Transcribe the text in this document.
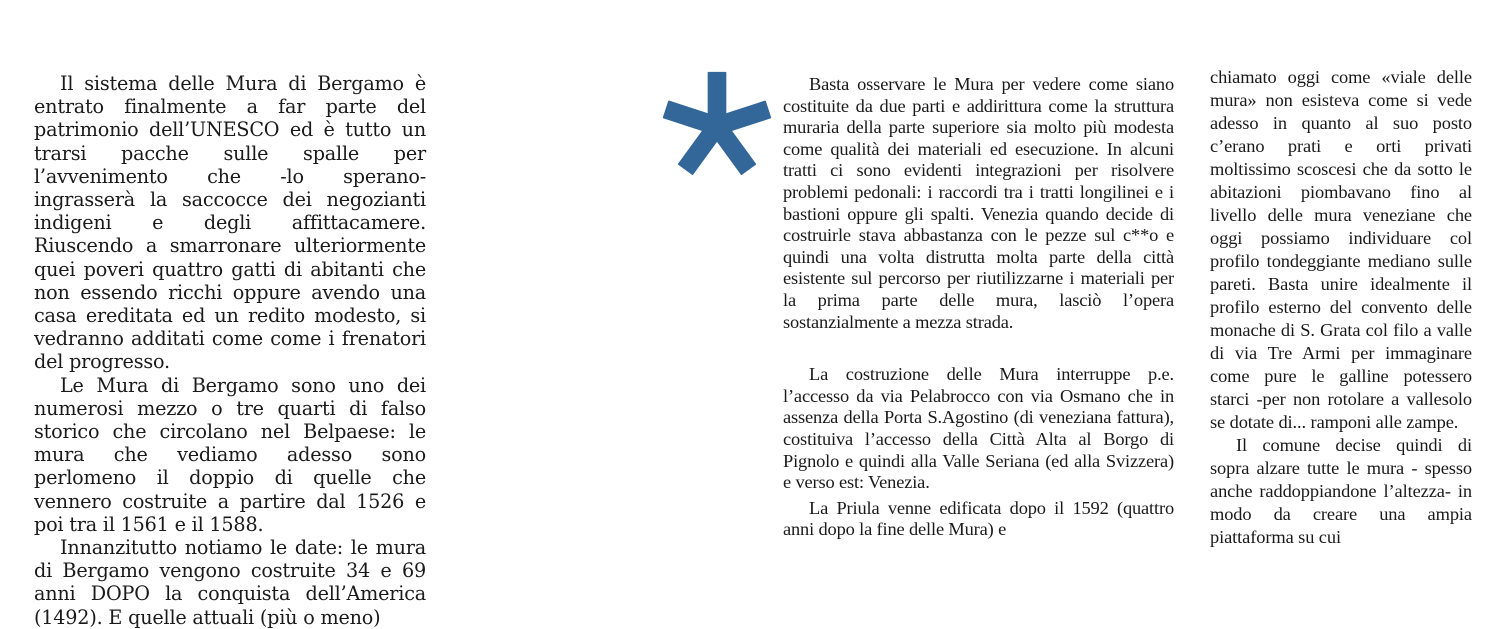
Il sistema delle Mura di Bergamo è entrato finalmente a far parte del patrimonio dell’UNESCO ed è tutto un trarsi pacche sulle spalle per l’avvenimento che -lo sperano- ingrasserà la saccocce dei negozianti indigeni e degli affittacamere. Riuscendo a smarronare ulteriormente quei poveri quattro gatti di abitanti che non essendo ricchi oppure avendo una casa ereditata ed un redito modesto, si vedranno additati come come i frenatori del progresso.

Le Mura di Bergamo sono uno dei numerosi mezzo o tre quarti di falso storico che circolano nel Belpaese: le mura che vediamo adesso sono perlomeno il doppio di quelle che vennero costruite a partire dal 1526 e poi tra il 1561 e il 1588.

Innanzitutto notiamo le date: le mura di Bergamo vengono costruite 34 e 69 anni DOPO la conquista dell’America (1492). E quelle attuali (più o meno)

Basta osservare le Mura per vedere come siano costituite da due parti e addirittura come la struttura muraria della parte superiore sia molto più modesta come qualità dei materiali ed esecuzione. In alcuni tratti ci sono evidenti integrazioni per risolvere problemi pedonali: i raccordi tra i tratti longilinei e i bastioni oppure gli spalti. Venezia quando decide di costruirle stava abbastanza con le pezze sul c**o e quindi una volta distrutta molta parte della città esistente sul percorso per riutilizzarne i materiali per la prima parte delle mura, lasciò l’opera sostanzialmente a mezza strada.

La costruzione delle Mura interruppe p.e. l’accesso da via Pelabrocco con via Osmano che in assenza della Porta S.Agostino (di veneziana fattura), costituiva l’accesso della Città Alta al Borgo di Pignolo e quindi alla Valle Seriana (ed alla Svizzera) e verso est: Venezia.

La Priula venne edificata dopo il 1592 (quattro anni dopo la fine delle Mura) e

chiamato oggi come «viale delle mura» non esisteva come si vede adesso in quanto al suo posto c’erano prati e orti privati moltissimo scoscesi che da sotto le abitazioni piombavano fino al livello delle mura veneziane che oggi possiamo individuare col profilo tondeggiante mediano sulle pareti. Basta unire idealmente il profilo esterno del convento delle monache di S. Grata col filo a valle di via Tre Armi per immaginare come pure le galline potessero starci -per non rotolare a vallesolo se dotate di... ramponi alle zampe.

Il comune decise quindi di sopra alzare tutte le mura - spesso anche raddoppiandone l’altezza- in modo da creare una ampia piattaforma su cui
